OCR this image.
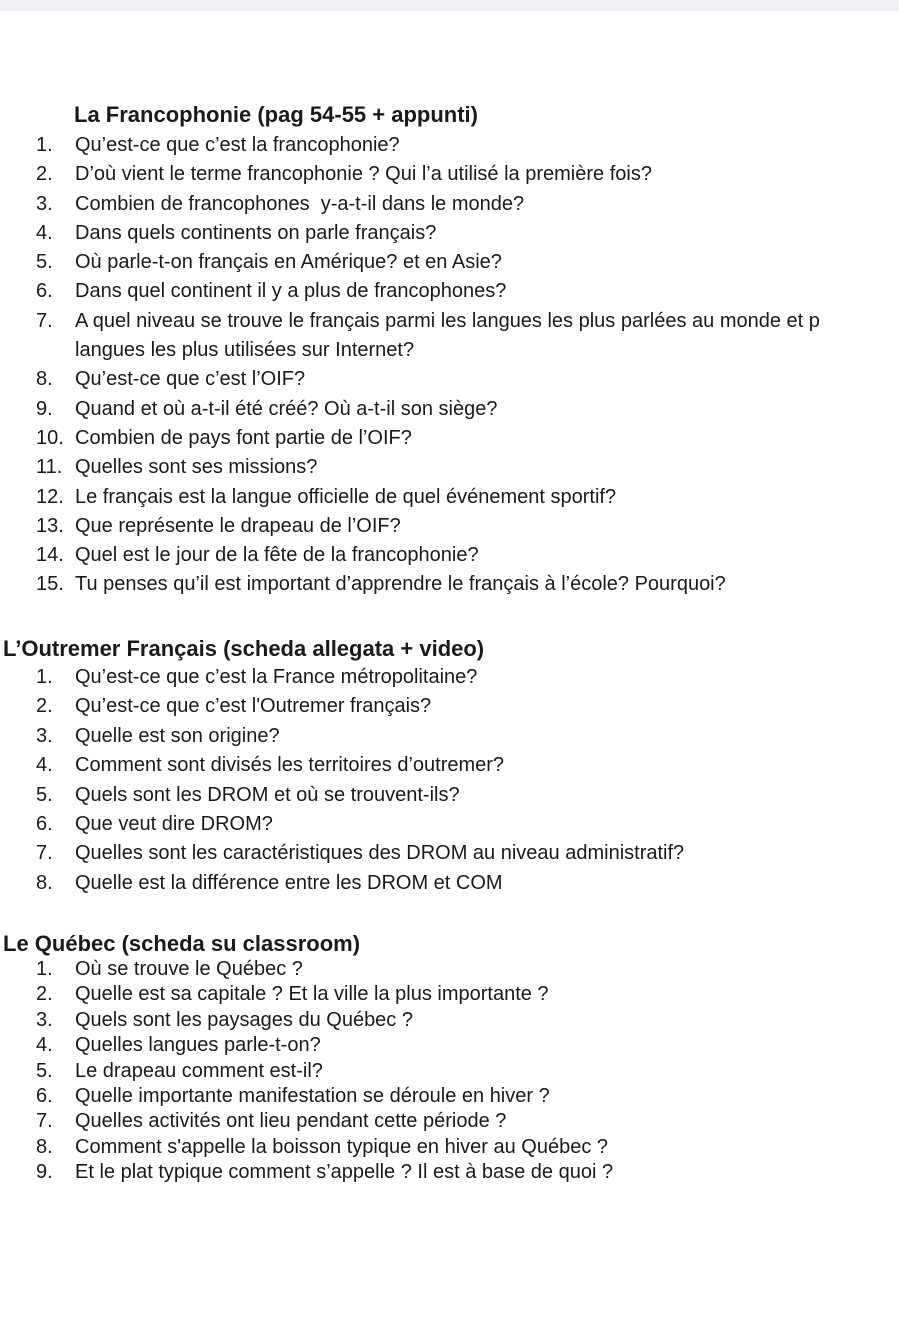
La Francophonie (pag 54-55 + appunti)
1. Qu’est-ce que c’est la francophonie?
2. D’où vient le terme francophonie ? Qui l’a utilisé la première fois?
3. Combien de francophones  y-a-t-il dans le monde?
4. Dans quels continents on parle français?
5. Où parle-t-on français en Amérique? et en Asie?
6. Dans quel continent il y a plus de francophones?
7. A quel niveau se trouve le français parmi les langues les plus parlées au monde et p
langues les plus utilisées sur Internet?
8. Qu’est-ce que c’est l’OIF?
9. Quand et où a-t-il été créé? Où a-t-il son siège?
10. Combien de pays font partie de l’OIF?
11. Quelles sont ses missions?
12. Le français est la langue officielle de quel événement sportif?
13. Que représente le drapeau de l’OIF?
14. Quel est le jour de la fête de la francophonie?
15. Tu penses qu’il est important d’apprendre le français à l’école? Pourquoi?
L’Outremer Français (scheda allegata + video)
1. Qu’est-ce que c’est la France métropolitaine?
2. Qu’est-ce que c’est l'Outremer français?
3. Quelle est son origine?
4. Comment sont divisés les territoires d’outremer?
5. Quels sont les DROM et où se trouvent-ils?
6. Que veut dire DROM?
7. Quelles sont les caractéristiques des DROM au niveau administratif?
8. Quelle est la différence entre les DROM et COM
Le Québec (scheda su classroom)
1. Où se trouve le Québec ?
2. Quelle est sa capitale ? Et la ville la plus importante ?
3. Quels sont les paysages du Québec ?
4. Quelles langues parle-t-on?
5. Le drapeau comment est-il?
6. Quelle importante manifestation se déroule en hiver ?
7. Quelles activités ont lieu pendant cette période ?
8. Comment s'appelle la boisson typique en hiver au Québec ?
9. Et le plat typique comment s’appelle ? Il est à base de quoi ?
